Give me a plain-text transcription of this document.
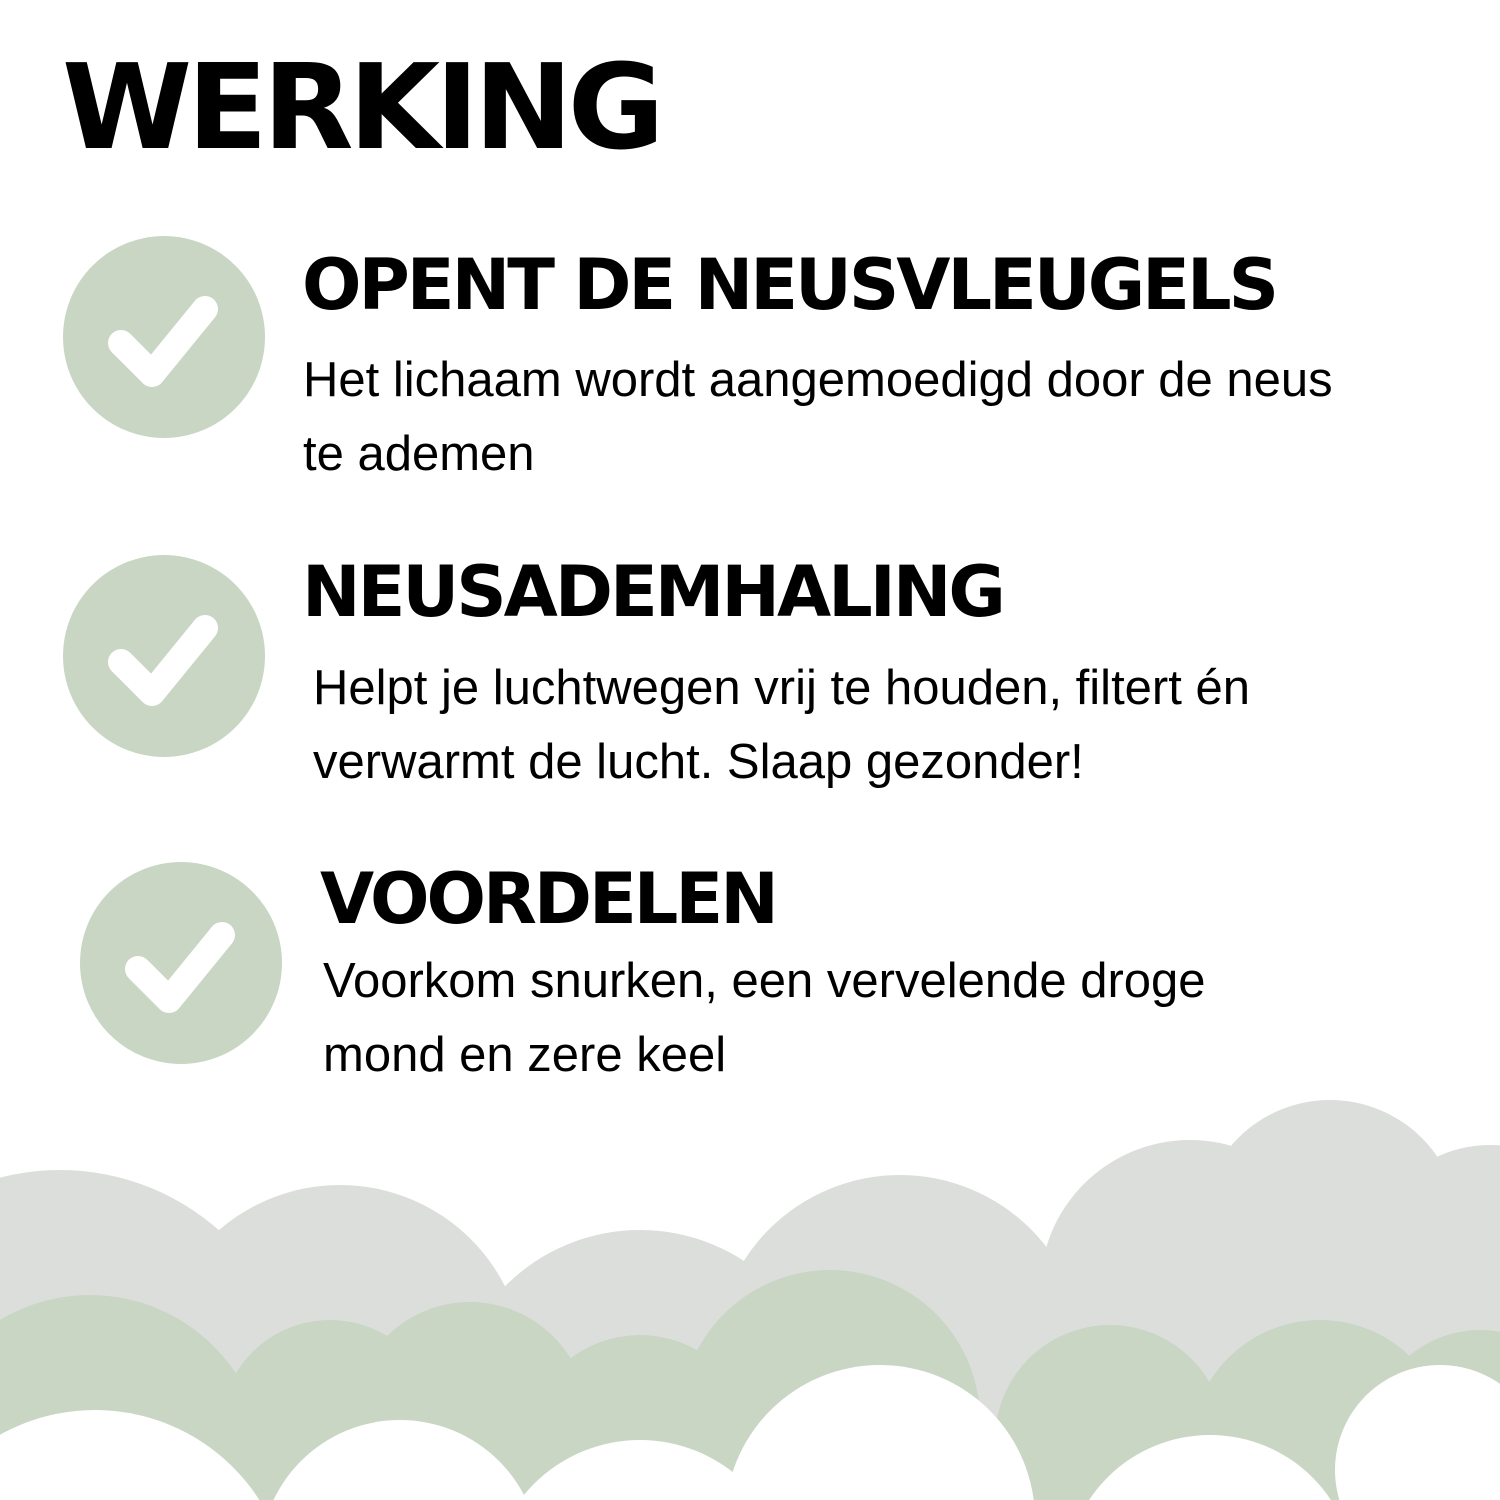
WERKING
OPENT DE NEUSVLEUGELS

Het lichaam wordt aangemoedigd door de neus
te ademen

NEUSADEMHALING

Helpt je luchtwegen vrij te houden, filtert én
verwarmt de lucht. Slaap gezonder!

VOORDELEN

Voorkom snurken, een vervelende droge
mond en zere keel
